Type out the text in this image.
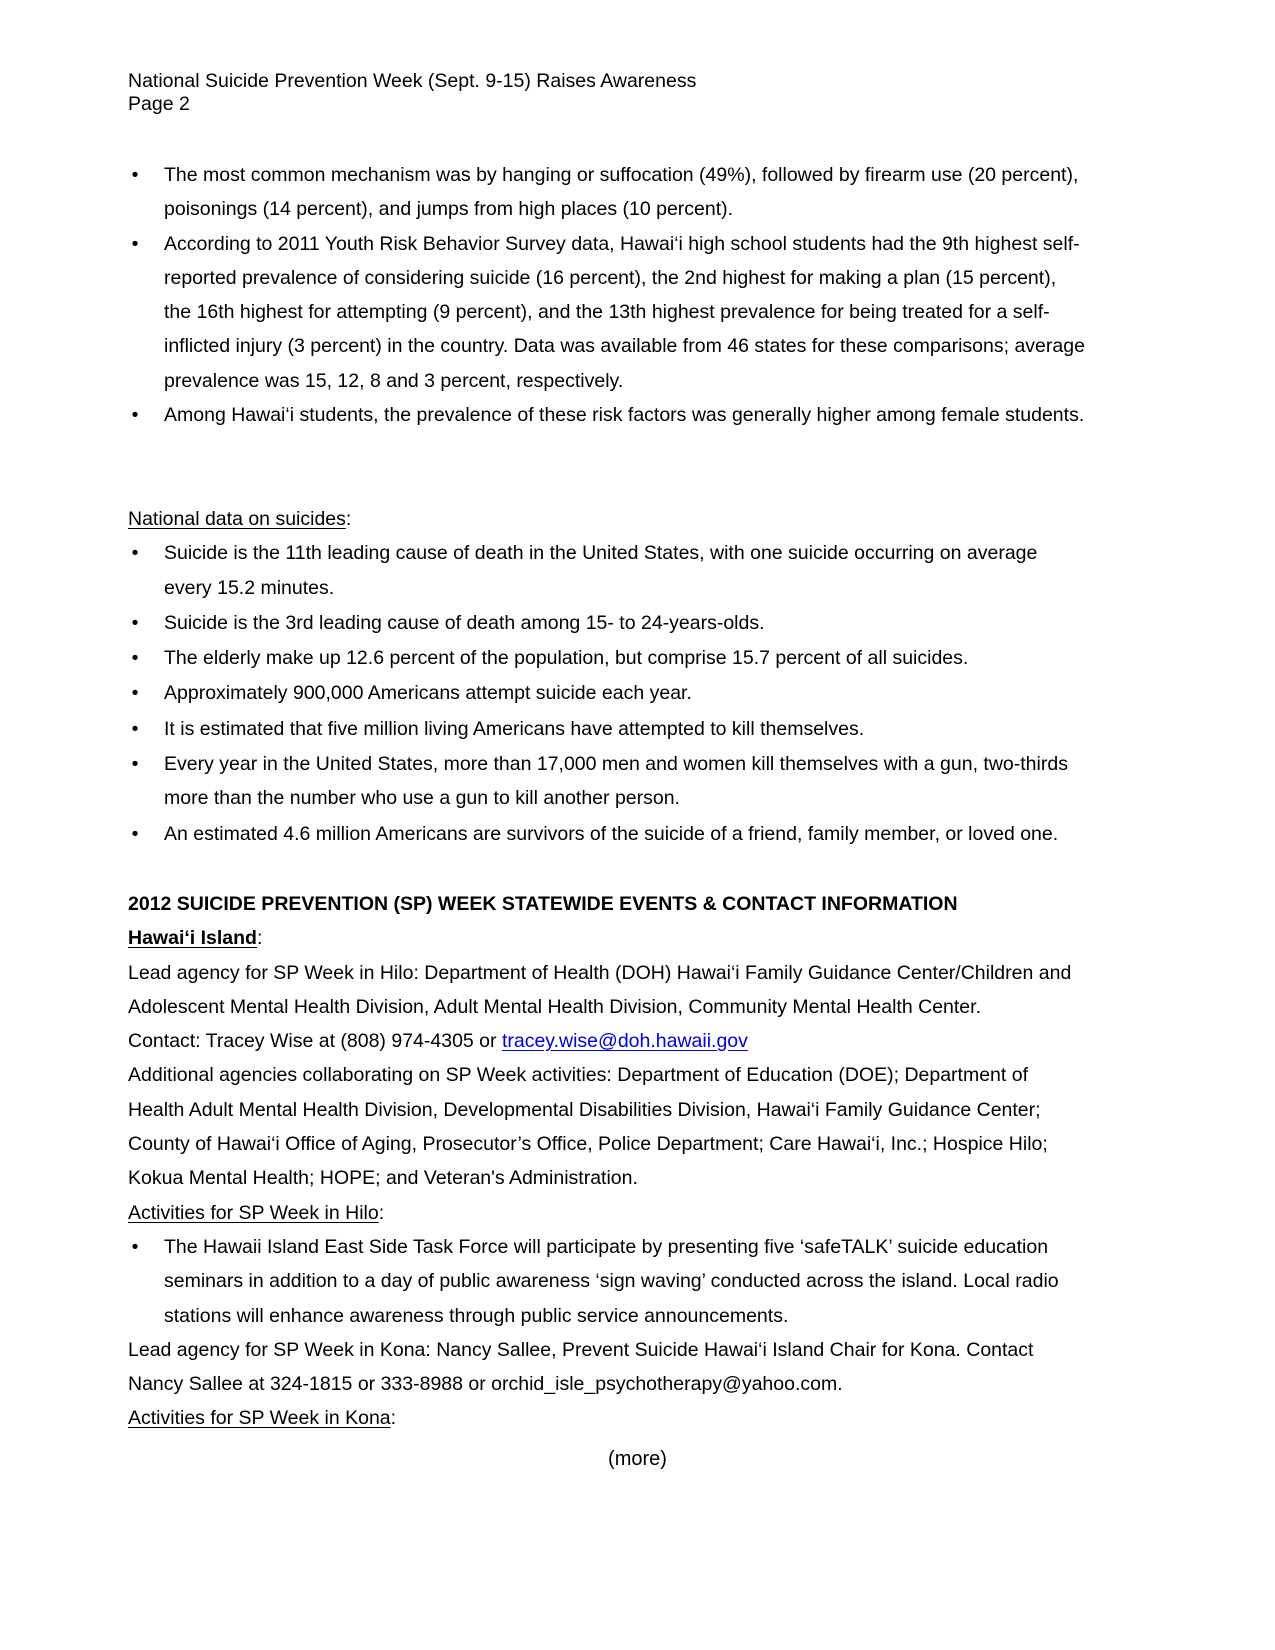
National Suicide Prevention Week (Sept. 9-15) Raises Awareness
Page 2
• The most common mechanism was by hanging or suffocation (49%), followed by firearm use (20 percent), poisonings (14 percent), and jumps from high places (10 percent).
• According to 2011 Youth Risk Behavior Survey data, Hawai‘i high school students had the 9th highest self-reported prevalence of considering suicide (16 percent), the 2nd highest for making a plan (15 percent), the 16th highest for attempting (9 percent), and the 13th highest prevalence for being treated for a self-inflicted injury (3 percent) in the country. Data was available from 46 states for these comparisons; average prevalence was 15, 12, 8 and 3 percent, respectively.
• Among Hawai‘i students, the prevalence of these risk factors was generally higher among female students.

National data on suicides:

• Suicide is the 11th leading cause of death in the United States, with one suicide occurring on average every 15.2 minutes.
• Suicide is the 3rd leading cause of death among 15- to 24-years-olds.
• The elderly make up 12.6 percent of the population, but comprise 15.7 percent of all suicides.
• Approximately 900,000 Americans attempt suicide each year.
• It is estimated that five million living Americans have attempted to kill themselves.
• Every year in the United States, more than 17,000 men and women kill themselves with a gun, two-thirds more than the number who use a gun to kill another person.
• An estimated 4.6 million Americans are survivors of the suicide of a friend, family member, or loved one.

2012 SUICIDE PREVENTION (SP) WEEK STATEWIDE EVENTS & CONTACT INFORMATION

Hawai‘i Island:

Lead agency for SP Week in Hilo: Department of Health (DOH) Hawai‘i Family Guidance Center/Children and Adolescent Mental Health Division, Adult Mental Health Division, Community Mental Health Center.

Contact: Tracey Wise at (808) 974-4305 or tracey.wise@doh.hawaii.gov

Additional agencies collaborating on SP Week activities: Department of Education (DOE); Department of Health Adult Mental Health Division, Developmental Disabilities Division, Hawai‘i Family Guidance Center; County of Hawai‘i Office of Aging, Prosecutor’s Office, Police Department; Care Hawai‘i, Inc.; Hospice Hilo; Kokua Mental Health; HOPE; and Veteran's Administration.

Activities for SP Week in Hilo:

• The Hawaii Island East Side Task Force will participate by presenting five ‘safeTALK’ suicide education seminars in addition to a day of public awareness ‘sign waving’ conducted across the island. Local radio stations will enhance awareness through public service announcements.

Lead agency for SP Week in Kona: Nancy Sallee, Prevent Suicide Hawai‘i Island Chair for Kona. Contact Nancy Sallee at 324-1815 or 333-8988 or orchid_isle_psychotherapy@yahoo.com.

Activities for SP Week in Kona:

(more)
